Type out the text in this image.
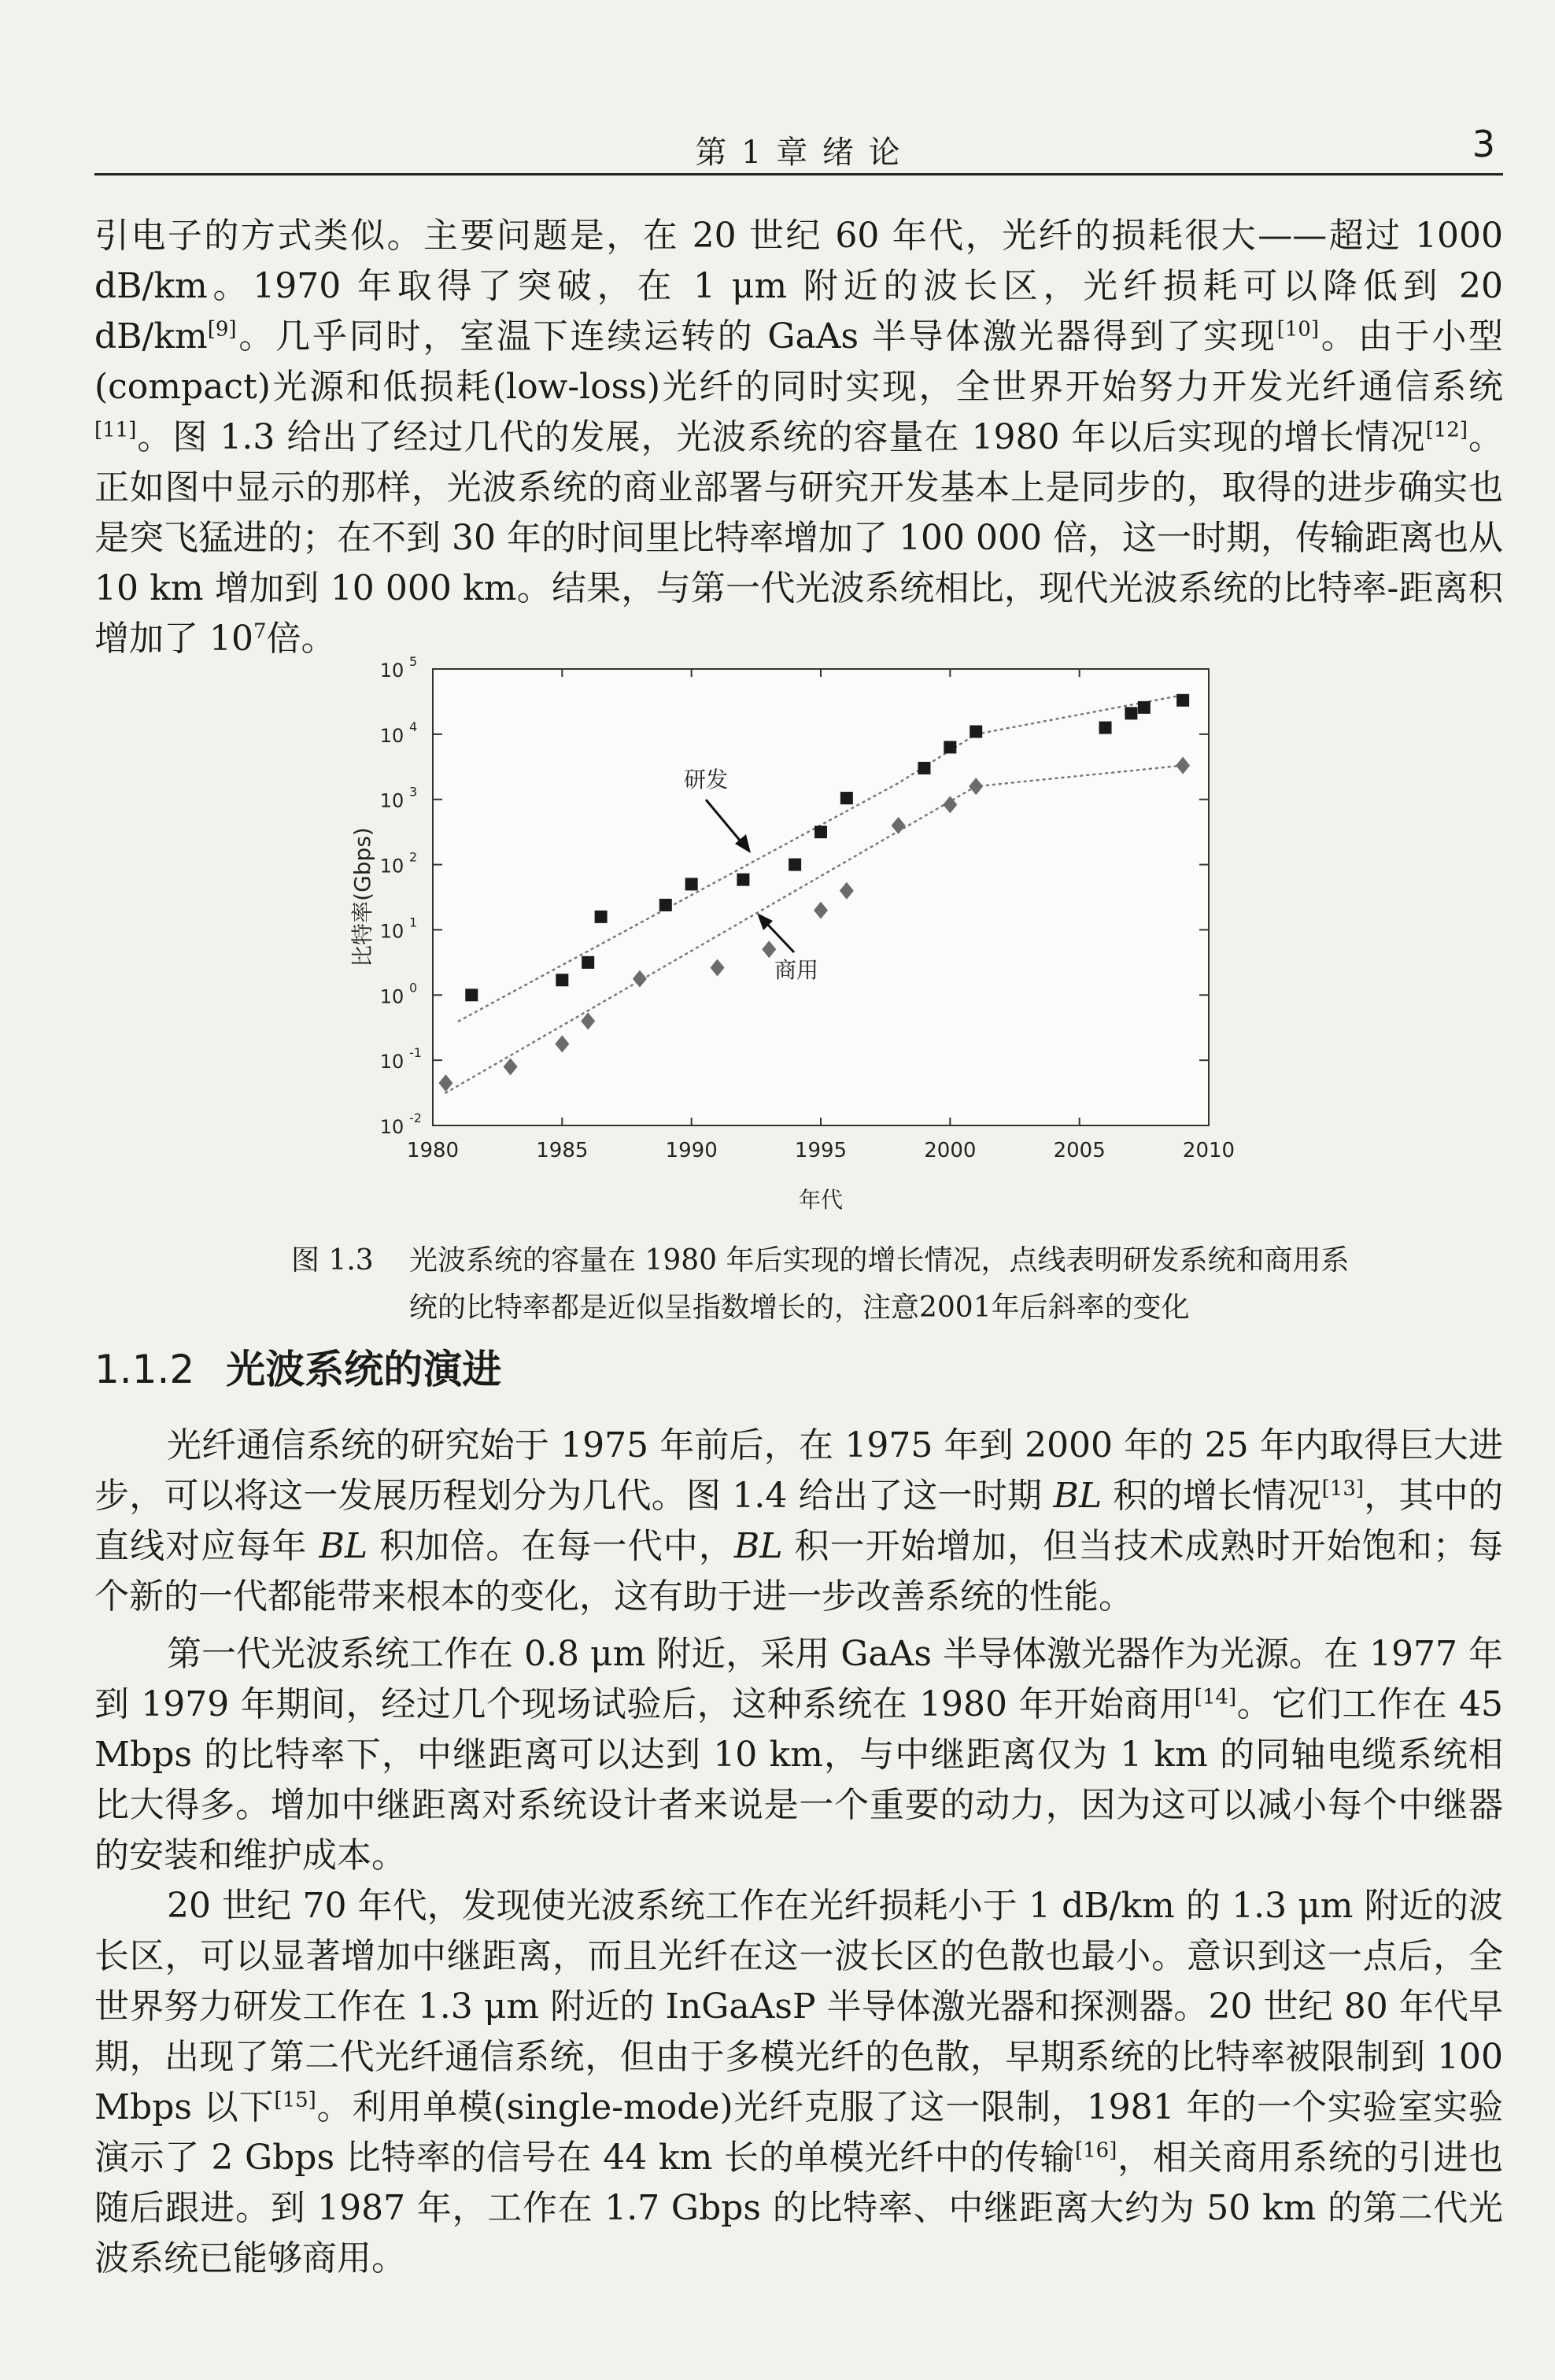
第 1 章 绪 论	3

引电子的方式类似。主要问题是，在 20 世纪 60 年代，光纤的损耗很大——超过 1000 dB/km。1970 年取得了突破，在 1 μm 附近的波长区，光纤损耗可以降低到 20 dB/km[9]。几乎同时，室温下连续运转的 GaAs 半导体激光器得到了实现[10]。由于小型(compact)光源和低损耗(low-loss)光纤的同时实现，全世界开始努力开发光纤通信系统[11]。图 1.3 给出了经过几代的发展，光波系统的容量在 1980 年以后实现的增长情况[12]。正如图中显示的那样，光波系统的商业部署与研究开发基本上是同步的，取得的进步确实也是突飞猛进的；在不到 30 年的时间里比特率增加了 100 000 倍，这一时期，传输距离也从 10 km 增加到 10 000 km。结果，与第一代光波系统相比，现代光波系统的比特率-距离积增加了 $10^7$倍。

1980	1985	1990	1995	2000	2005	2010
10 -2
10 -1
10 0
10 1
10 2
10 3
10 4
10 5
研发
商用
年代
比特率(Gbps)
图 1.3 光波系统的容量在 1980 年后实现的增长情况，点线表明研发系统和商用系统的比特率都是近似呈指数增长的，注意2001年后斜率的变化
1.1.2 光波系统的演进

光纤通信系统的研究始于 1975 年前后，在 1975 年到 2000 年的 25 年内取得巨大进步，可以将这一发展历程划分为几代。图 1.4 给出了这一时期 BL 积的增长情况[13]，其中的直线对应每年 BL 积加倍。在每一代中，BL 积一开始增加，但当技术成熟时开始饱和；每个新的一代都能带来根本的变化，这有助于进一步改善系统的性能。

第一代光波系统工作在 0.8 μm 附近，采用 GaAs 半导体激光器作为光源。在 1977 年到 1979 年期间，经过几个现场试验后，这种系统在 1980 年开始商用[14]。它们工作在 45 Mbps 的比特率下，中继距离可以达到 10 km，与中继距离仅为 1 km 的同轴电缆系统相比大得多。增加中继距离对系统设计者来说是一个重要的动力，因为这可以减小每个中继器的安装和维护成本。

20 世纪 70 年代，发现使光波系统工作在光纤损耗小于 1 dB/km 的 1.3 μm 附近的波长区，可以显著增加中继距离，而且光纤在这一波长区的色散也最小。意识到这一点后，全世界努力研发工作在 1.3 μm 附近的 InGaAsP 半导体激光器和探测器。20 世纪 80 年代早期，出现了第二代光纤通信系统，但由于多模光纤的色散，早期系统的比特率被限制到 100 Mbps 以下[15]。利用单模(single-mode)光纤克服了这一限制，1981 年的一个实验室实验演示了 2 Gbps 比特率的信号在 44 km 长的单模光纤中的传输[16]，相关商用系统的引进也随后跟进。到 1987 年，工作在 1.7 Gbps 的比特率、中继距离大约为 50 km 的第二代光波系统已能够商用。
